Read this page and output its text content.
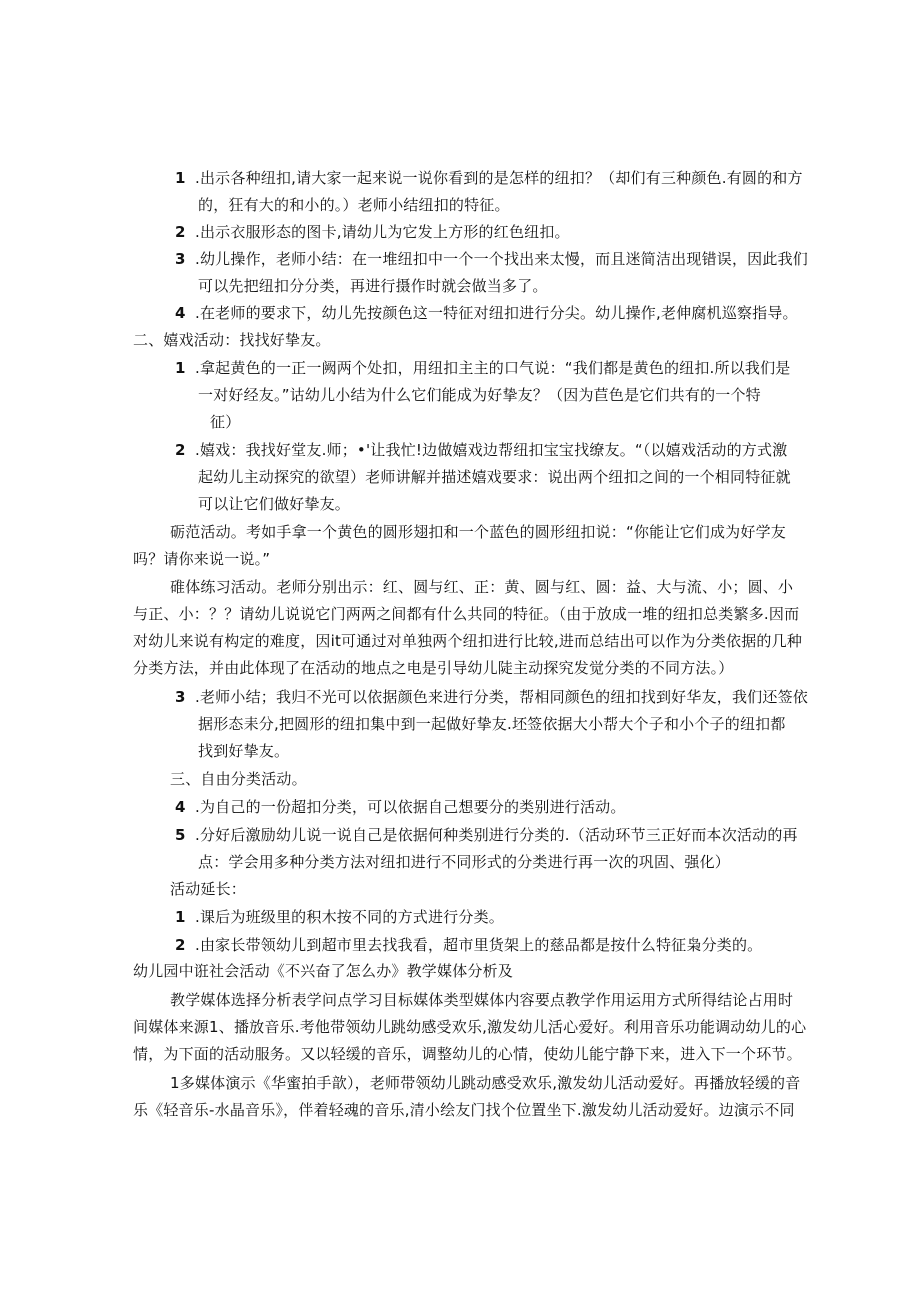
1 .出示各种纽扣,请大家一起来说一说你看到的是怎样的纽扣？（却们有三种颜色.有圆的和方
的，狂有大的和小的。）老师小结纽扣的特征。
2 .出示衣服形态的图卡,请幼儿为它发上方形的红色纽扣。
3 .幼儿操作，老师小结：在一堆纽扣中一个一个找出来太慢，而且迷简洁出现错误，因此我们
可以先把纽扣分分类，再进行摄作时就会做当多了。
4 .在老师的要求下，幼儿先按颜色这一特征对纽扣进行分尖。幼儿操作,老伸腐机巡察指导。
二、嬉戏活动：找找好挚友。
1 .拿起黄色的一正一阙两个处扣，用纽扣主主的口气说：“我们都是黄色的纽扣.所以我们是
一对好经友。”诂幼儿小结为什么它们能成为好挚友？（因为苣色是它们共有的一个特
征）
2 .嬉戏：我找好堂友.师；•'让我忙!边做嬉戏边帮纽扣宝宝找缭友。“（以嬉戏活动的方式激
起幼儿主动探究的欲望）老师讲解并描述嬉戏要求：说出两个纽扣之间的一个相同特征就
可以让它们做好挚友。
砺范活动。考如手拿一个黄色的圆形翅扣和一个蓝色的圆形纽扣说：“你能让它们成为好学友
吗？请你来说一说。”
碓体练习活动。老师分别出示：红、圆与红、正：黄、圆与红、圆：益、大与流、小；圆、小
与正、小：？？请幼儿说说它门两两之间都有什么共同的特征。（由于放成一堆的纽扣总类繁多.因而
对幼儿来说有构定的难度，因it可通过对单独两个纽扣进行比较,进而总结出可以作为分类依据的几种
分类方法，并由此体现了在活动的地点之电是引导幼儿陡主动探究发觉分类的不同方法。）
3 .老师小结；我归不光可以依据颜色来进行分类，帮相同颜色的纽扣找到好华友，我们还签依
据形态耒分,把圆形的纽扣集中到一起做好挚友.坯签依据大小帮大个子和小个子的纽扣都
找到好挚友。
三、自由分类活动。
4 .为自己的一份超扣分类，可以依据自己想要分的类别进行活动。
5 .分好后激励幼儿说一说自己是依据何种类别进行分类的.（活动环节三正好而本次活动的再
点：学会用多种分类方法对纽扣进行不同形式的分类进行再一次的巩固、强化）
活动延长：
1 .课后为班级里的积木按不同的方式进行分类。
2 .由家长带领幼儿到超市里去找我看，超市里货架上的慈品都是按什么特征枭分类的。
幼儿园中诳社会活动《不兴奋了怎么办》教学媒体分析及
教学媒体选择分析表学问点学习目标媒体类型媒体内容要点教学作用运用方式所得结论占用时
间媒体来源1、播放音乐.考他带领幼儿跳幼感受欢乐,激发幼儿活心爱好。利用音乐功能调动幼儿的心
情，为下面的活动服务。又以轻缓的音乐，调整幼儿的心情，使幼儿能宁静下来，进入下一个环节。
1多媒体演示《华蜜拍手歆），老师带领幼儿跳动感受欢乐,激发幼儿活动爱好。再播放轻缓的音
乐《轻音乐-水晶音乐》，伴着轻魂的音乐,清小绘友门找个位置坐下.激发幼儿活动爱好。边演示不同
